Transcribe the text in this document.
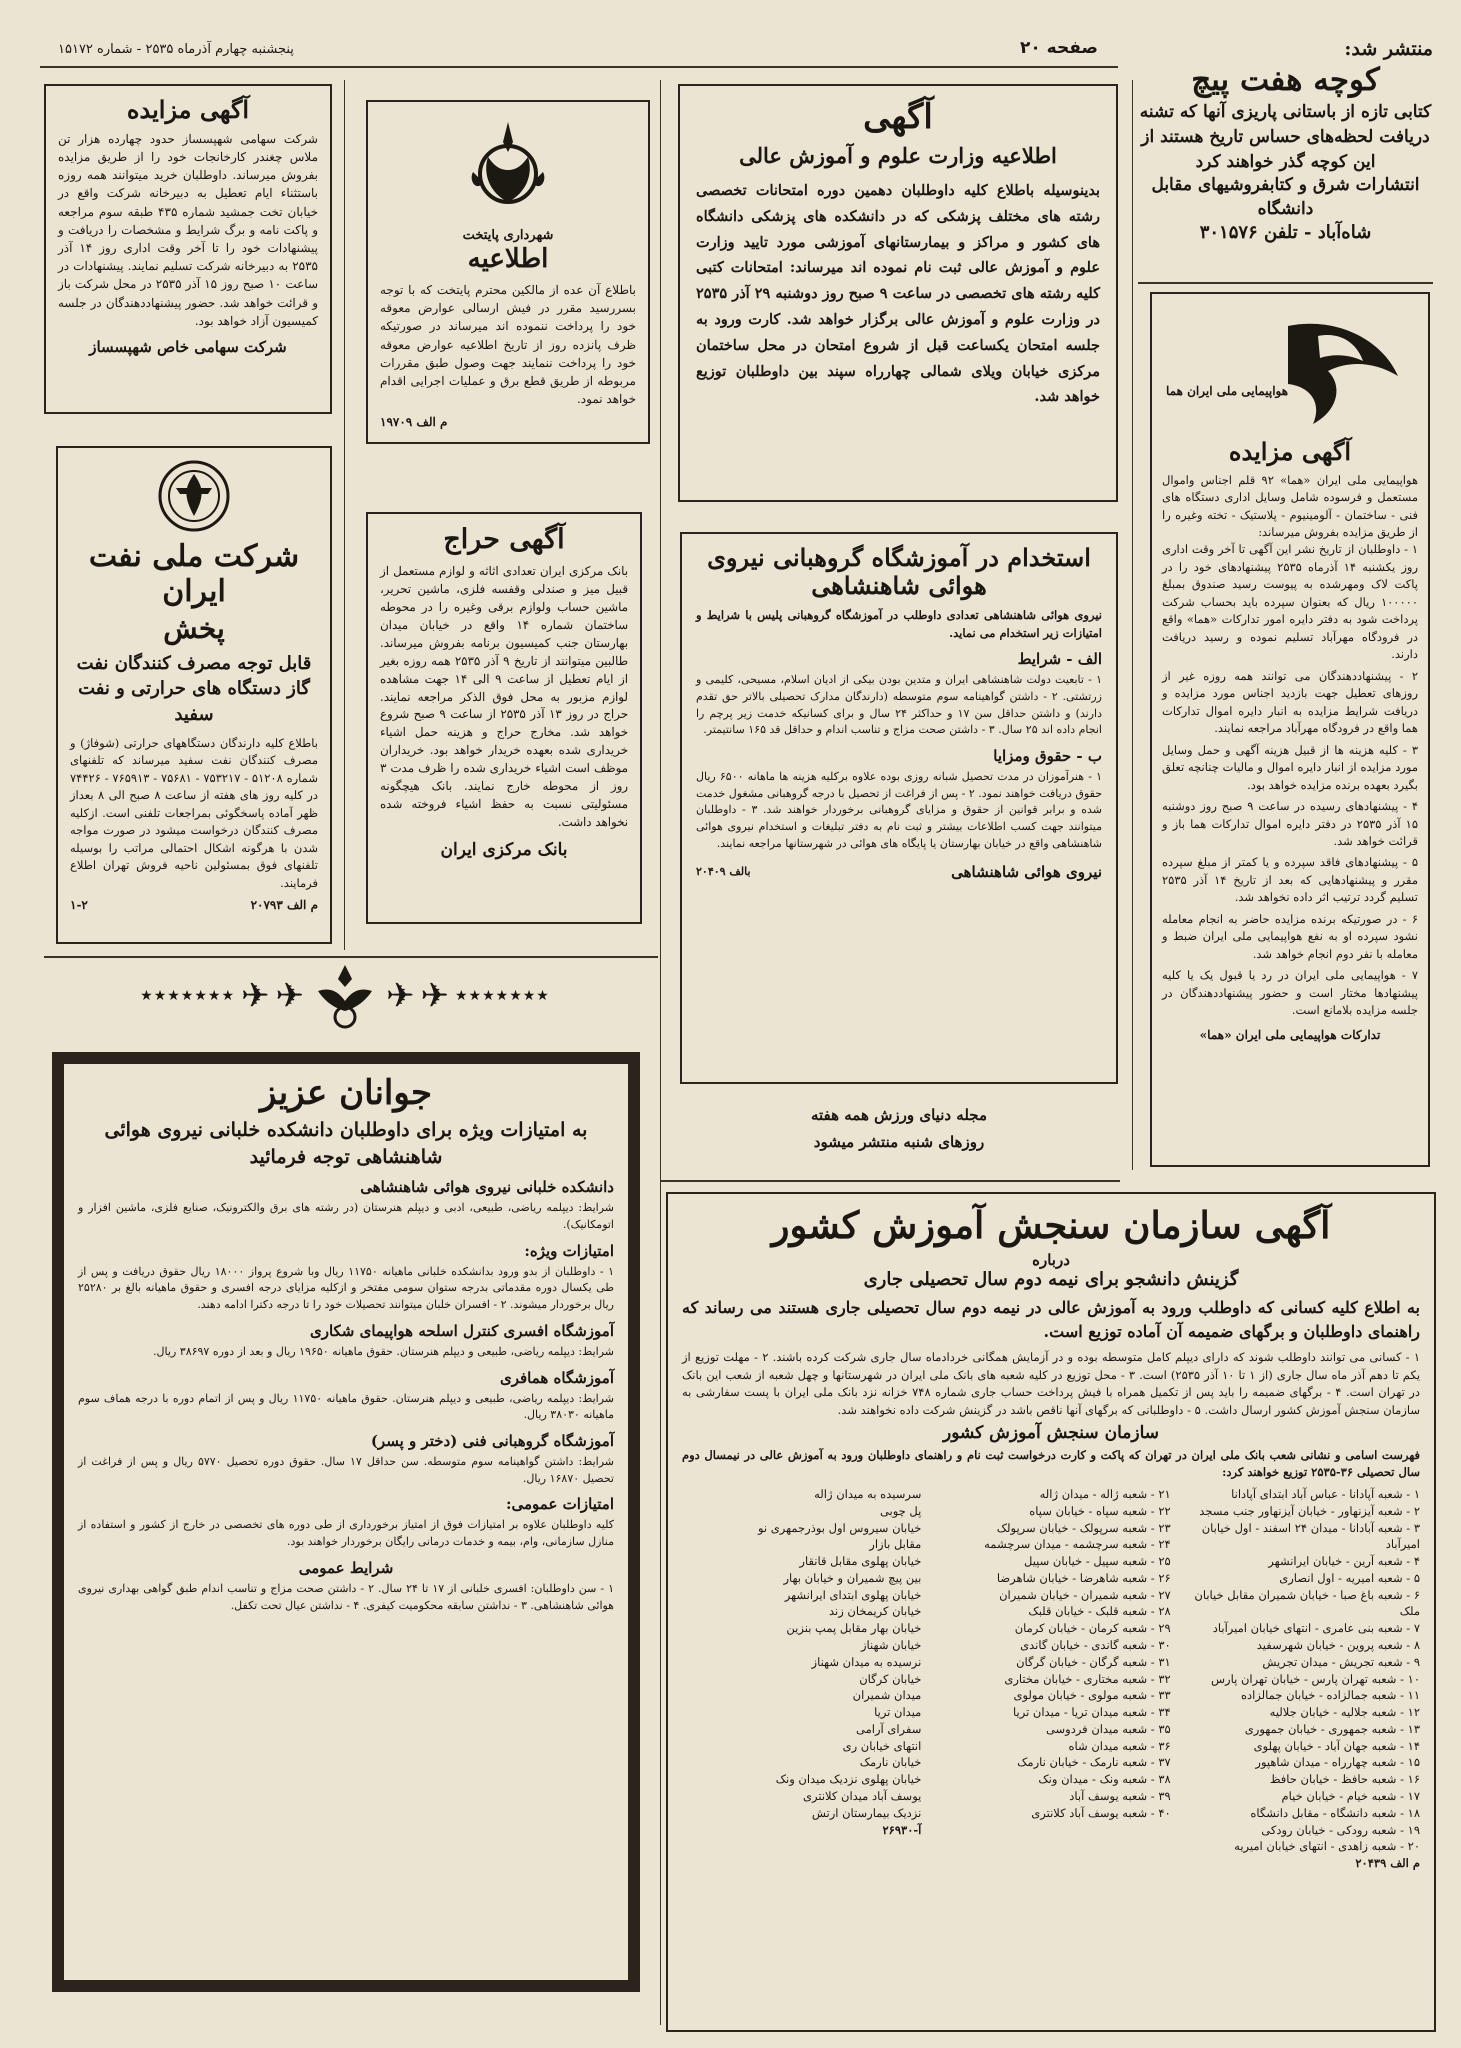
پنجشنبه چهارم آذرماه ۲۵۳۵ - شماره ۱۵۱۷۲	صفحه ۲۰	منتشر شد:
کوچه هفت پیچ
کتابی تازه از باستانی پاریزی آنها که تشنه دریافت لحظه‌های حساس تاریخ هستند از این کوچه گذر خواهند کرد
انتشارات شرق و کتابفروشیهای مقابل دانشگاه
شاه‌آباد - تلفن ۳۰۱۵۷۶
هواپیمایی ملی ایران هما
آگهی مزایده
هواپیمایی ملی ایران «هما» ۹۲ قلم اجناس واموال مستعمل و فرسوده شامل وسایل اداری دستگاه های فنی - ساختمان - آلومینیوم - پلاستیک - تخته وغیره را از طریق مزایده بفروش میرساند:
۱ - داوطلبان از تاریخ نشر این آگهی تا آخر وقت اداری روز یکشنبه ۱۴ آذرماه ۲۵۳۵ پیشنهادهای خود را در پاکت لاک ومهرشده به پیوست رسید صندوق بمبلغ ۱۰۰۰۰۰ ریال که بعنوان سپرده باید بحساب شرکت پرداخت شود به دفتر دایره امور تدارکات «هما» واقع در فرودگاه مهرآباد تسلیم نموده و رسید دریافت دارند.
۲ - پیشنهاددهندگان می توانند همه روزه غیر از روزهای تعطیل جهت بازدید اجناس مورد مزایده و دریافت شرایط مزایده به انبار دایره اموال تدارکات هما واقع در فرودگاه مهرآباد مراجعه نمایند.
۳ - کلیه هزینه ها از قبیل هزینه آگهی و حمل وسایل مورد مزایده از انبار دایره اموال و مالیات چنانچه تعلق بگیرد بعهده برنده مزایده خواهد بود.
۴ - پیشنهادهای رسیده در ساعت ۹ صبح روز دوشنبه ۱۵ آذر ۲۵۳۵ در دفتر دایره اموال تدارکات هما باز و قرائت خواهد شد.
۵ - پیشنهادهای فاقد سپرده و یا کمتر از مبلغ سپرده مقرر و پیشنهادهایی که بعد از تاریخ ۱۴ آذر ۲۵۳۵ تسلیم گردد ترتیب اثر داده نخواهد شد.
۶ - در صورتیکه برنده مزایده حاضر به انجام معامله نشود سپرده او به نفع هواپیمایی ملی ایران ضبط و معامله با نفر دوم انجام خواهد شد.
۷ - هواپیمایی ملی ایران در رد یا قبول یک یا کلیه پیشنهادها مختار است و حضور پیشنهاددهندگان در جلسه مزایده بلامانع است.
تدارکات هواپیمایی ملی ایران «هما»
آگهی
اطلاعیه وزارت علوم و آموزش عالی
بدینوسیله باطلاع کلیه داوطلبان دهمین دوره امتحانات تخصصی رشته های مختلف پزشکی که در دانشکده های پزشکی دانشگاه های کشور و مراکز و بیمارستانهای آموزشی مورد تایید وزارت علوم و آموزش عالی ثبت نام نموده اند میرساند: امتحانات کتبی کلیه رشته های تخصصی در ساعت ۹ صبح روز دوشنبه ۲۹ آذر ۲۵۳۵ در وزارت علوم و آموزش عالی برگزار خواهد شد. کارت ورود به جلسه امتحان یکساعت قبل از شروع امتحان در محل ساختمان مرکزی خیابان ویلای شمالی چهارراه سپند بین داوطلبان توزیع خواهد شد.
شهرداری پایتخت
اطلاعیه
باطلاع آن عده از مالکین محترم پایتخت که با توجه بسررسید مقرر در فیش ارسالی عوارض معوقه خود را پرداخت ننموده اند میرساند در صورتیکه ظرف پانزده روز از تاریخ اطلاعیه عوارض معوقه خود را پرداخت ننمایند جهت وصول طبق مقررات مربوطه از طریق قطع برق و عملیات اجرایی اقدام خواهد نمود.
م الف ۱۹۷۰۹
آگهی مزایده
شرکت سهامی شهپسساز حدود چهارده هزار تن ملاس چغندر کارخانجات خود را از طریق مزایده بفروش میرساند. داوطلبان خرید میتوانند همه روزه باستثناء ایام تعطیل به دبیرخانه شرکت واقع در خیابان تخت جمشید شماره ۴۳۵ طبقه سوم مراجعه و پاکت نامه و برگ شرایط و مشخصات را دریافت و پیشنهادات خود را تا آخر وقت اداری روز ۱۴ آذر ۲۵۳۵ به دبیرخانه شرکت تسلیم نمایند. پیشنهادات در ساعت ۱۰ صبح روز ۱۵ آذر ۲۵۳۵ در محل شرکت باز و قرائت خواهد شد. حضور پیشنهاددهندگان در جلسه کمیسیون آزاد خواهد بود.
شرکت سهامی خاص شهپسساز
شرکت ملی نفت ایران
پخش
قابل توجه مصرف کنندگان نفت گاز دستگاه های حرارتی و نفت سفید
باطلاع کلیه دارندگان دستگاههای حرارتی (شوفاژ) و مصرف کنندگان نفت سفید میرساند که تلفنهای شماره ۵۱۲۰۸ - ۷۵۳۲۱۷ - ۷۵۶۸۱ - ۷۶۵۹۱۳ - ۷۴۴۲۶ در کلیه روز های هفته از ساعت ۸ صبح الی ۸ بعداز ظهر آماده پاسخگوئی بمراجعات تلفنی است. ازکلیه مصرف کنندگان درخواست میشود در صورت مواجه شدن با هرگونه اشکال احتمالی مراتب را بوسیله تلفنهای فوق بمسئولین ناحیه فروش تهران اطلاع فرمایند.
م الف ۲۰۷۹۳
۱-۲
آگهی حراج
بانک مرکزی ایران تعدادی اثاثه و لوازم مستعمل از قبیل میز و صندلی وقفسه فلزی، ماشین تحریر، ماشین حساب ولوازم برقی وغیره را در محوطه ساختمان شماره ۱۴ واقع در خیابان میدان بهارستان جنب کمیسیون برنامه بفروش میرساند. طالبین میتوانند از تاریخ ۹ آذر ۲۵۳۵ همه روزه بغیر از ایام تعطیل از ساعت ۹ الی ۱۴ جهت مشاهده لوازم مزبور به محل فوق الذکر مراجعه نمایند. حراج در روز ۱۳ آذر ۲۵۳۵ از ساعت ۹ صبح شروع خواهد شد. مخارج حراج و هزینه حمل اشیاء خریداری شده بعهده خریدار خواهد بود. خریداران موظف است اشیاء خریداری شده را ظرف مدت ۳ روز از محوطه خارج نمایند. بانک هیچگونه مسئولیتی نسبت به حفظ اشیاء فروخته شده نخواهد داشت.
بانک مرکزی ایران
استخدام در آموزشگاه گروهبانی نیروی هوائی شاهنشاهی
نیروی هوائی شاهنشاهی تعدادی داوطلب در آموزشگاه گروهبانی پلیس با شرایط و امتیازات زیر استخدام می نماید.
الف - شرایط
۱ - تابعیت دولت شاهنشاهی ایران و متدین بودن بیکی از ادیان اسلام، مسیحی، کلیمی و زرتشتی. ۲ - داشتن گواهینامه سوم متوسطه (دارندگان مدارک تحصیلی بالاتر حق تقدم دارند) و داشتن حداقل سن ۱۷ و حداکثر ۲۴ سال و برای کسانیکه خدمت زیر پرچم را انجام داده اند ۲۵ سال. ۳ - داشتن صحت مزاج و تناسب اندام و حداقل قد ۱۶۵ سانتیمتر.
ب - حقوق ومزایا
۱ - هنرآموزان در مدت تحصیل شبانه روزی بوده علاوه برکلیه هزینه ها ماهانه ۶۵۰۰ ریال حقوق دریافت خواهند نمود. ۲ - پس از فراغت از تحصیل با درجه گروهبانی مشغول خدمت شده و برابر قوانین از حقوق و مزایای گروهبانی برخوردار خواهند شد. ۳ - داوطلبان میتوانند جهت کسب اطلاعات بیشتر و ثبت نام به دفتر تبلیغات و استخدام نیروی هوائی شاهنشاهی واقع در خیابان بهارستان یا پایگاه های هوائی در شهرستانها مراجعه نمایند.
نیروی هوائی شاهنشاهی
بالف ۲۰۴۰۹
مجله دنیای ورزش همه هفته
روزهای شنبه منتشر میشود
★★★★★★★
✈
✈
✈
✈
★★★★★★★
جوانان عزیز
به امتیازات ویژه برای داوطلبان دانشکده خلبانی نیروی هوائی شاهنشاهی توجه فرمائید
دانشکده خلبانی نیروی هوائی شاهنشاهی
شرایط: دیپلمه ریاضی، طبیعی، ادبی و دیپلم هنرستان (در رشته های برق والکترونیک، صنایع فلزی، ماشین افزار و اتومکانیک).
امتیازات ویژه:
۱ - داوطلبان از بدو ورود بدانشکده خلبانی ماهیانه ۱۱۷۵۰ ریال وبا شروع پرواز ۱۸۰۰۰ ریال حقوق دریافت و پس از طی یکسال دوره مقدماتی بدرجه ستوان سومی مفتخر و ازکلیه مزایای درجه افسری و حقوق ماهیانه بالغ بر ۲۵۲۸۰ ریال برخوردار میشوند. ۲ - افسران خلبان میتوانند تحصیلات خود را تا درجه دکترا ادامه دهند.
آموزشگاه افسری کنترل اسلحه هواپیمای شکاری
شرایط: دیپلمه ریاضی، طبیعی و دیپلم هنرستان. حقوق ماهیانه ۱۹۶۵۰ ریال و بعد از دوره ۳۸۶۹۷ ریال.
آموزشگاه همافری
شرایط: دیپلمه ریاضی، طبیعی و دیپلم هنرستان. حقوق ماهیانه ۱۱۷۵۰ ریال و پس از اتمام دوره با درجه هماف سوم ماهیانه ۳۸۰۳۰ ریال.
آموزشگاه گروهبانی فنی (دختر و پسر)
شرایط: داشتن گواهینامه سوم متوسطه. سن حداقل ۱۷ سال. حقوق دوره تحصیل ۵۷۷۰ ریال و پس از فراغت از تحصیل ۱۶۸۷۰ ریال.
امتیازات عمومی:
کلیه داوطلبان علاوه بر امتیازات فوق از امتیاز برخورداری از طی دوره های تخصصی در خارج از کشور و استفاده از منازل سازمانی، وام، بیمه و خدمات درمانی رایگان برخوردار خواهند بود.
شرایط عمومی
۱ - سن داوطلبان: افسری خلبانی از ۱۷ تا ۲۴ سال. ۲ - داشتن صحت مزاج و تناسب اندام طبق گواهی بهداری نیروی هوائی شاهنشاهی. ۳ - نداشتن سابقه محکومیت کیفری. ۴ - نداشتن عیال تحت تکفل.
آگهی سازمان سنجش آموزش کشور
درباره
گزینش دانشجو برای نیمه دوم سال تحصیلی جاری
به اطلاع کلیه کسانی که داوطلب ورود به آموزش عالی در نیمه دوم سال تحصیلی جاری هستند می رساند که راهنمای داوطلبان و برگهای ضمیمه آن آماده توزیع است.
۱ - کسانی می توانند داوطلب شوند که دارای دیپلم کامل متوسطه بوده و در آزمایش همگانی خردادماه سال جاری شرکت کرده باشند. ۲ - مهلت توزیع از یکم تا دهم آذر ماه سال جاری (از ۱ تا ۱۰ آذر ۲۵۳۵) است. ۳ - محل توزیع در کلیه شعبه های بانک ملی ایران در شهرستانها و چهل شعبه از شعب این بانک در تهران است. ۴ - برگهای ضمیمه را باید پس از تکمیل همراه با فیش پرداخت حساب جاری شماره ۷۴۸ خزانه نزد بانک ملی ایران با پست سفارشی به سازمان سنجش آموزش کشور ارسال داشت. ۵ - داوطلبانی که برگهای آنها ناقص باشد در گزینش شرکت داده نخواهند شد.
سازمان سنجش آموزش کشور
فهرست اسامی و نشانی شعب بانک ملی ایران در تهران که پاکت و کارت درخواست ثبت نام و راهنمای داوطلبان ورود به آموزش عالی در نیمسال دوم سال تحصیلی ۳۶-۲۵۳۵ توزیع خواهند کرد:
۱ - شعبه آپادانا - عباس آباد ابتدای آپادانا
۲ - شعبه آیزنهاور - خیابان آیزنهاور جنب مسجد
۳ - شعبه آبادانا - میدان ۲۴ اسفند - اول خیابان امیرآباد
۴ - شعبه آرین - خیابان ایرانشهر
۵ - شعبه امیریه - اول انصاری
۶ - شعبه باغ صبا - خیابان شمیران مقابل خیابان ملک
۷ - شعبه بنی عامری - انتهای خیابان امیرآباد
۸ - شعبه پروین - خیابان شهرسفید
۹ - شعبه تجریش - میدان تجریش
۱۰ - شعبه تهران پارس - خیابان تهران پارس
۱۱ - شعبه جمالزاده - خیابان جمالزاده
۱۲ - شعبه جلالیه - خیابان جلالیه
۱۳ - شعبه جمهوری - خیابان جمهوری
۱۴ - شعبه جهان آباد - خیابان پهلوی
۱۵ - شعبه چهارراه - میدان شاهپور
۱۶ - شعبه حافظ - خیابان حافظ
۱۷ - شعبه خیام - خیابان خیام
۱۸ - شعبه دانشگاه - مقابل دانشگاه
۱۹ - شعبه رودکی - خیابان رودکی
۲۰ - شعبه زاهدی - انتهای خیابان امیریه
م الف ۲۰۴۳۹
۲۱ - شعبه ژاله - میدان ژاله
۲۲ - شعبه سپاه - خیابان سپاه
۲۳ - شعبه سرپولک - خیابان سرپولک
۲۴ - شعبه سرچشمه - میدان سرچشمه
۲۵ - شعبه سپیل - خیابان سپیل
۲۶ - شعبه شاهرضا - خیابان شاهرضا
۲۷ - شعبه شمیران - خیابان شمیران
۲۸ - شعبه قلبک - خیابان قلبک
۲۹ - شعبه کرمان - خیابان کرمان
۳۰ - شعبه گاندی - خیابان گاندی
۳۱ - شعبه گرگان - خیابان گرگان
۳۲ - شعبه مختاری - خیابان مختاری
۳۳ - شعبه مولوی - خیابان مولوی
۳۴ - شعبه میدان تریا - میدان تریا
۳۵ - شعبه میدان فردوسی
۳۶ - شعبه میدان شاه
۳۷ - شعبه نارمک - خیابان نارمک
۳۸ - شعبه ونک - میدان ونک
۳۹ - شعبه یوسف آباد
۴۰ - شعبه یوسف آباد کلانتری
سرسیده به میدان ژاله
پل چوبی
خیابان سیروس اول بوذرجمهری نو
مقابل بازار
خیابان پهلوی مقابل قانقار
بین پیچ شمیران و خیابان بهار
خیابان پهلوی ابتدای ایرانشهر
خیابان کریمخان زند
خیابان بهار مقابل پمپ بنزین
خیابان شهناز
نرسیده به میدان شهناز
خیابان کرگان
میدان شمیران
میدان تریا
سفرای آرامی
انتهای خیابان ری
خیابان نارمک
خیابان پهلوی نزدیک میدان ونک
یوسف آباد میدان کلانتری
نزدیک بیمارستان ارتش
آ-۲۶۹۳۰
